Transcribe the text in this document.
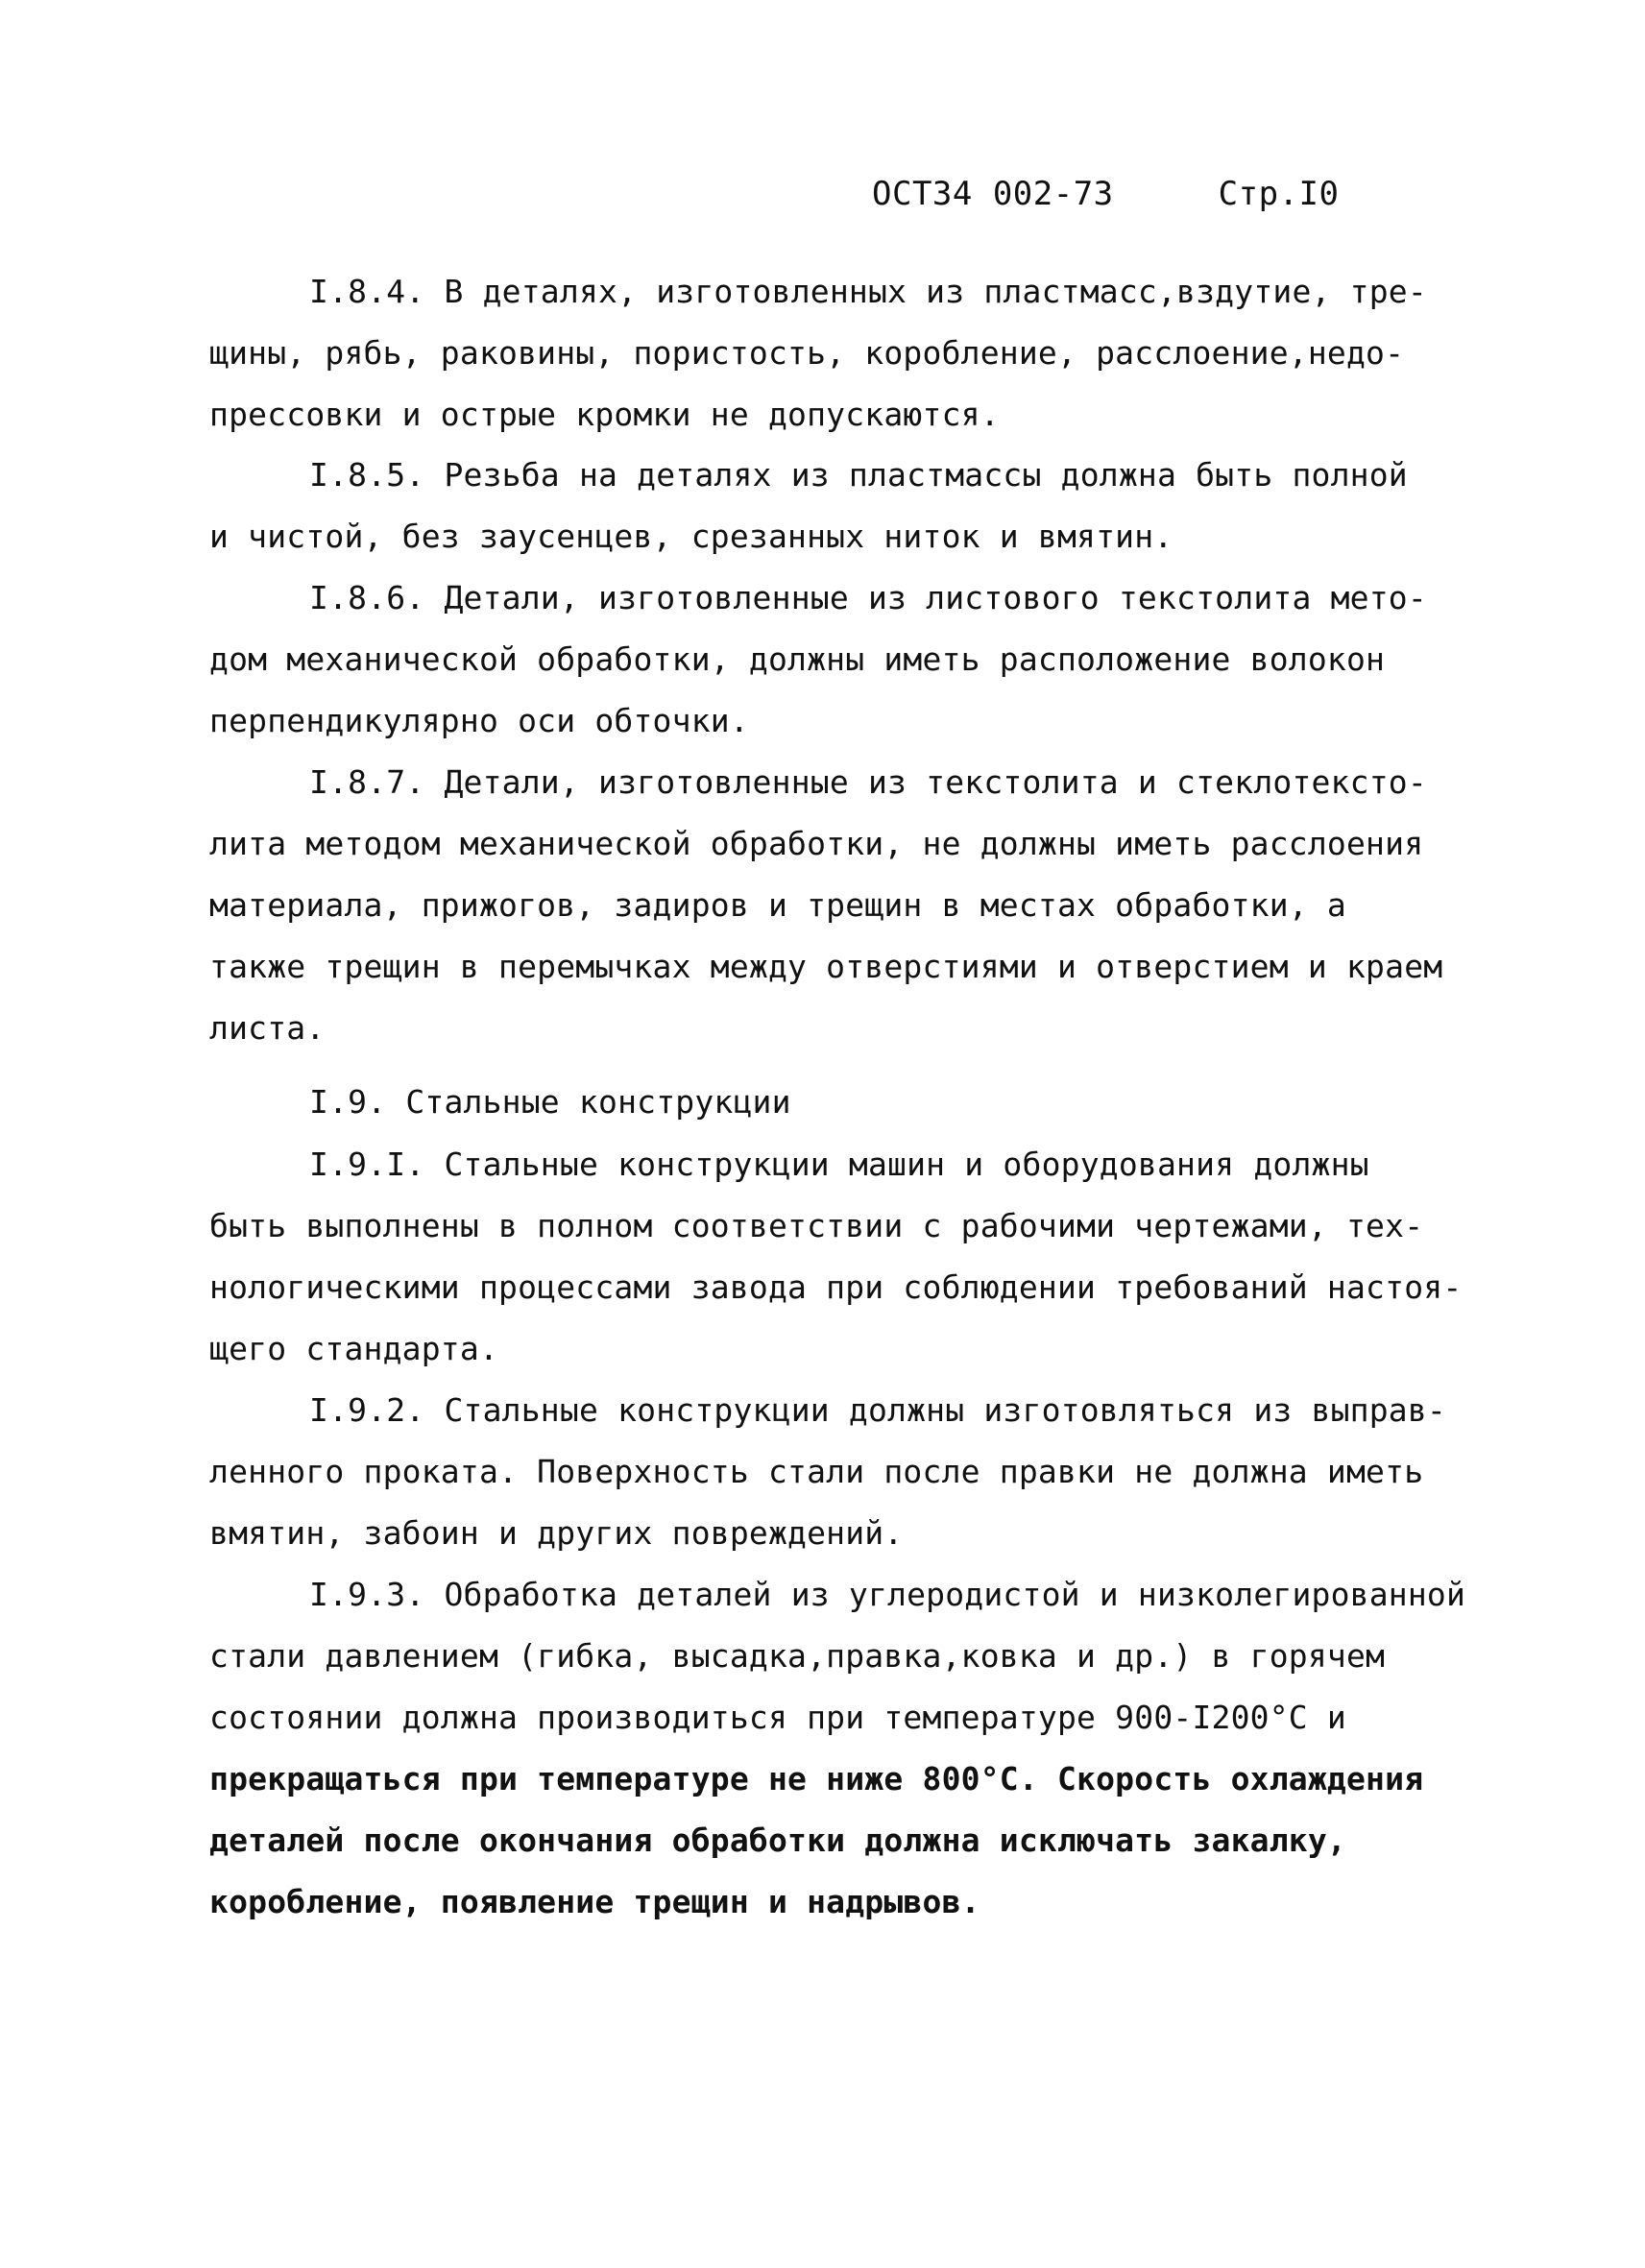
ОСТ34 002-73	Стр.I0
I.8.4. В деталях, изготовленных из пластмасс,вздутие, тре-
щины, рябь, раковины, пористость, коробление, расслоение,недо-
прессовки и острые кромки не допускаются.
I.8.5. Резьба на деталях из пластмассы должна быть полной
и чистой, без заусенцев, срезанных ниток и вмятин.
I.8.6. Детали, изготовленные из листового текстолита мето-
дом механической обработки, должны иметь расположение волокон
перпендикулярно оси обточки.
I.8.7. Детали, изготовленные из текстолита и стеклотексто-
лита методом механической обработки, не должны иметь расслоения
материала, прижогов, задиров и трещин в местах обработки, а
также трещин в перемычках между отверстиями и отверстием и краем
листа.
I.9. Стальные конструкции
I.9.I. Стальные конструкции машин и оборудования должны
быть выполнены в полном соответствии с рабочими чертежами, тех-
нологическими процессами завода при соблюдении требований настоя-
щего стандарта.
I.9.2. Стальные конструкции должны изготовляться из выправ-
ленного проката. Поверхность стали после правки не должна иметь
вмятин, забоин и других повреждений.
I.9.3. Обработка деталей из углеродистой и низколегированной
стали давлением (гибка, высадка,правка,ковка и др.) в горячем
состоянии должна производиться при температуре 900-I200°С и
прекращаться при температуре не ниже 800°С. Скорость охлаждения
деталей после окончания обработки должна исключать закалку,
коробление, появление трещин и надрывов.
